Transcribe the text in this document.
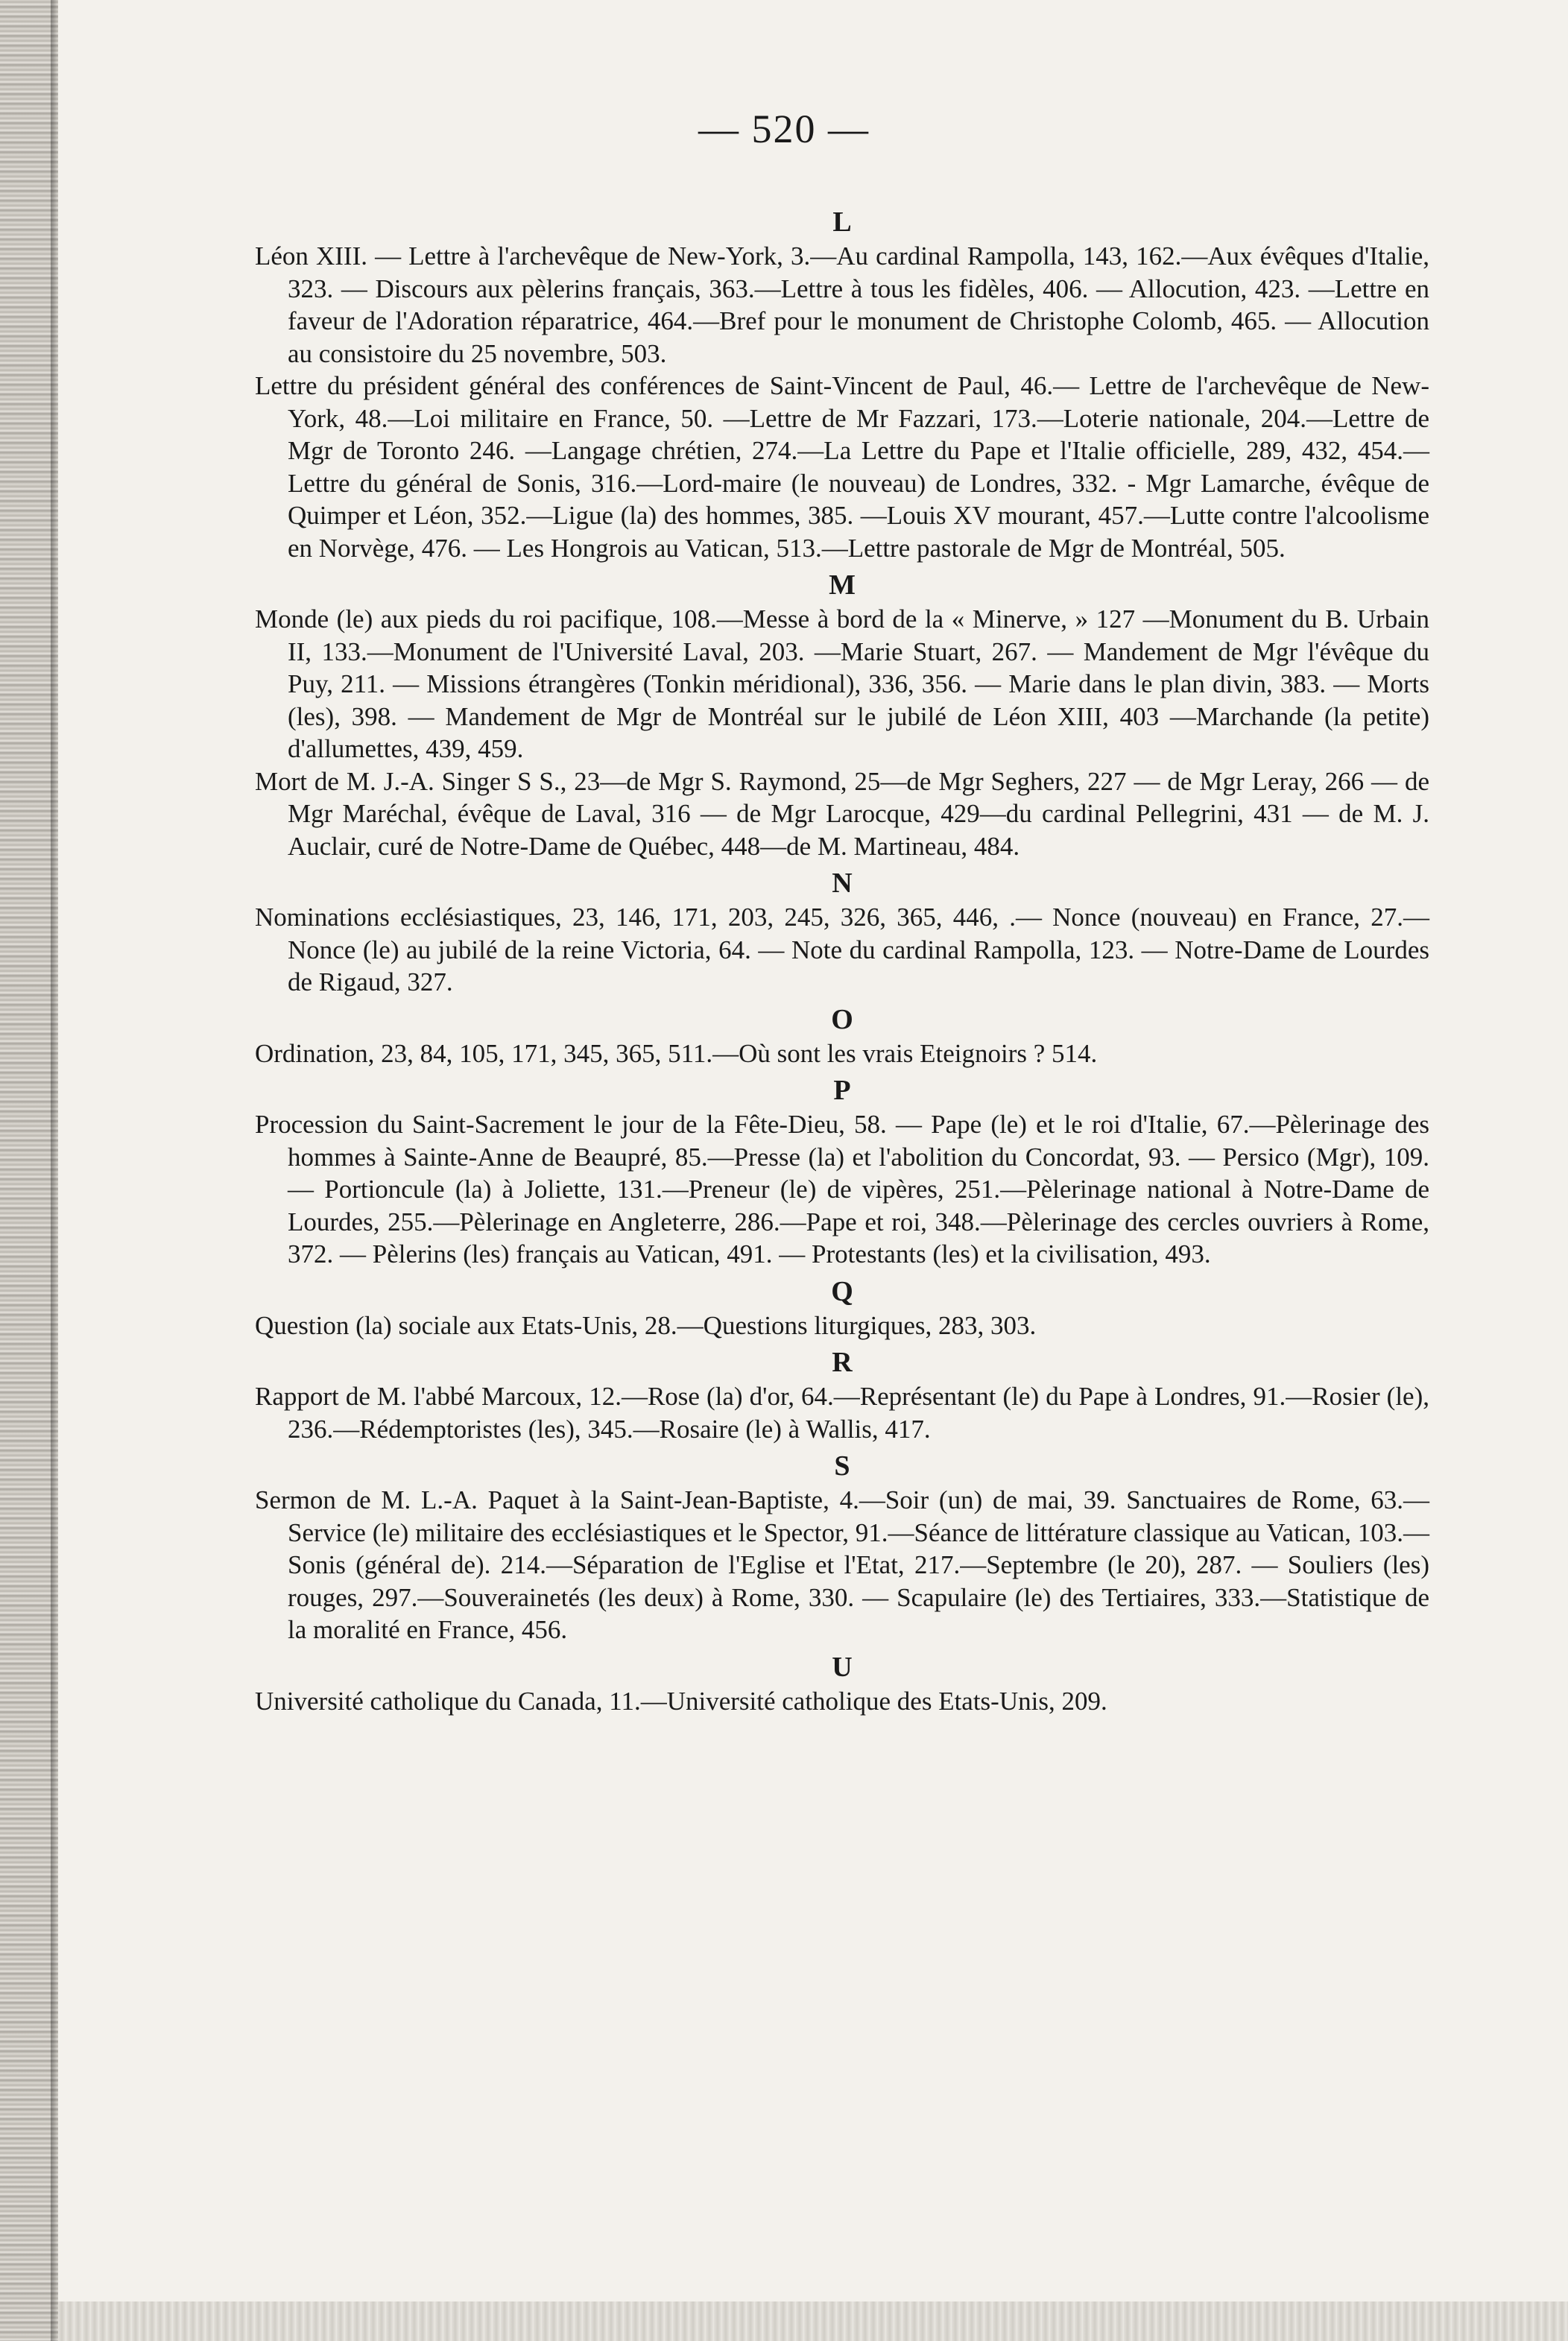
— 520 —
L

Léon XIII. — Lettre à l'archevêque de New-York, 3.—Au cardinal Rampolla, 143, 162.—Aux évêques d'Italie, 323. — Discours aux pèlerins français, 363.—Lettre à tous les fidèles, 406. — Allocution, 423. —Lettre en faveur de l'Adoration réparatrice, 464.—Bref pour le monument de Christophe Colomb, 465. — Allocution au consistoire du 25 novembre, 503.

Lettre du président général des conférences de Saint-Vincent de Paul, 46.— Lettre de l'archevêque de New-York, 48.—Loi militaire en France, 50. —Lettre de Mr Fazzari, 173.—Loterie nationale, 204.—Lettre de Mgr de Toronto 246. —Langage chrétien, 274.—La Lettre du Pape et l'Italie officielle, 289, 432, 454.— Lettre du général de Sonis, 316.—Lord-maire (le nouveau) de Londres, 332. - Mgr Lamarche, évêque de Quimper et Léon, 352.—Ligue (la) des hommes, 385. —Louis XV mourant, 457.—Lutte contre l'alcoolisme en Norvège, 476. — Les Hongrois au Vatican, 513.—Lettre pastorale de Mgr de Montréal, 505.

M

Monde (le) aux pieds du roi pacifique, 108.—Messe à bord de la « Minerve, » 127 —Monument du B. Urbain II, 133.—Monument de l'Université Laval, 203. —Marie Stuart, 267. — Mandement de Mgr l'évêque du Puy, 211. — Missions étrangères (Tonkin méridional), 336, 356. — Marie dans le plan divin, 383. — Morts (les), 398. — Mandement de Mgr de Montréal sur le jubilé de Léon XIII, 403 —Marchande (la petite) d'allumettes, 439, 459.

Mort de M. J.-A. Singer S S., 23—de Mgr S. Raymond, 25—de Mgr Seghers, 227 — de Mgr Leray, 266 — de Mgr Maréchal, évêque de Laval, 316 — de Mgr Larocque, 429—du cardinal Pellegrini, 431 — de M. J. Auclair, curé de Notre-Dame de Québec, 448—de M. Martineau, 484.

N

Nominations ecclésiastiques, 23, 146, 171, 203, 245, 326, 365, 446, .— Nonce (nouveau) en France, 27.—Nonce (le) au jubilé de la reine Victoria, 64. — Note du cardinal Rampolla, 123. — Notre-Dame de Lourdes de Rigaud, 327.

O

Ordination, 23, 84, 105, 171, 345, 365, 511.—Où sont les vrais Eteignoirs ? 514.

P

Procession du Saint-Sacrement le jour de la Fête-Dieu, 58. — Pape (le) et le roi d'Italie, 67.—Pèlerinage des hommes à Sainte-Anne de Beaupré, 85.—Presse (la) et l'abolition du Concordat, 93. — Persico (Mgr), 109. — Portioncule (la) à Joliette, 131.—Preneur (le) de vipères, 251.—Pèlerinage national à Notre-Dame de Lourdes, 255.—Pèlerinage en Angleterre, 286.—Pape et roi, 348.—Pèlerinage des cercles ouvriers à Rome, 372. — Pèlerins (les) français au Vatican, 491. — Protestants (les) et la civilisation, 493.

Q

Question (la) sociale aux Etats-Unis, 28.—Questions liturgiques, 283, 303.

R

Rapport de M. l'abbé Marcoux, 12.—Rose (la) d'or, 64.—Représentant (le) du Pape à Londres, 91.—Rosier (le), 236.—Rédemptoristes (les), 345.—Rosaire (le) à Wallis, 417.

S

Sermon de M. L.-A. Paquet à la Saint-Jean-Baptiste, 4.—Soir (un) de mai, 39. Sanctuaires de Rome, 63.—Service (le) militaire des ecclésiastiques et le Spector, 91.—Séance de littérature classique au Vatican, 103.—Sonis (général de). 214.—Séparation de l'Eglise et l'Etat, 217.—Septembre (le 20), 287. — Souliers (les) rouges, 297.—Souverainetés (les deux) à Rome, 330. — Scapulaire (le) des Tertiaires, 333.—Statistique de la moralité en France, 456.

U

Université catholique du Canada, 11.—Université catholique des Etats-Unis, 209.
